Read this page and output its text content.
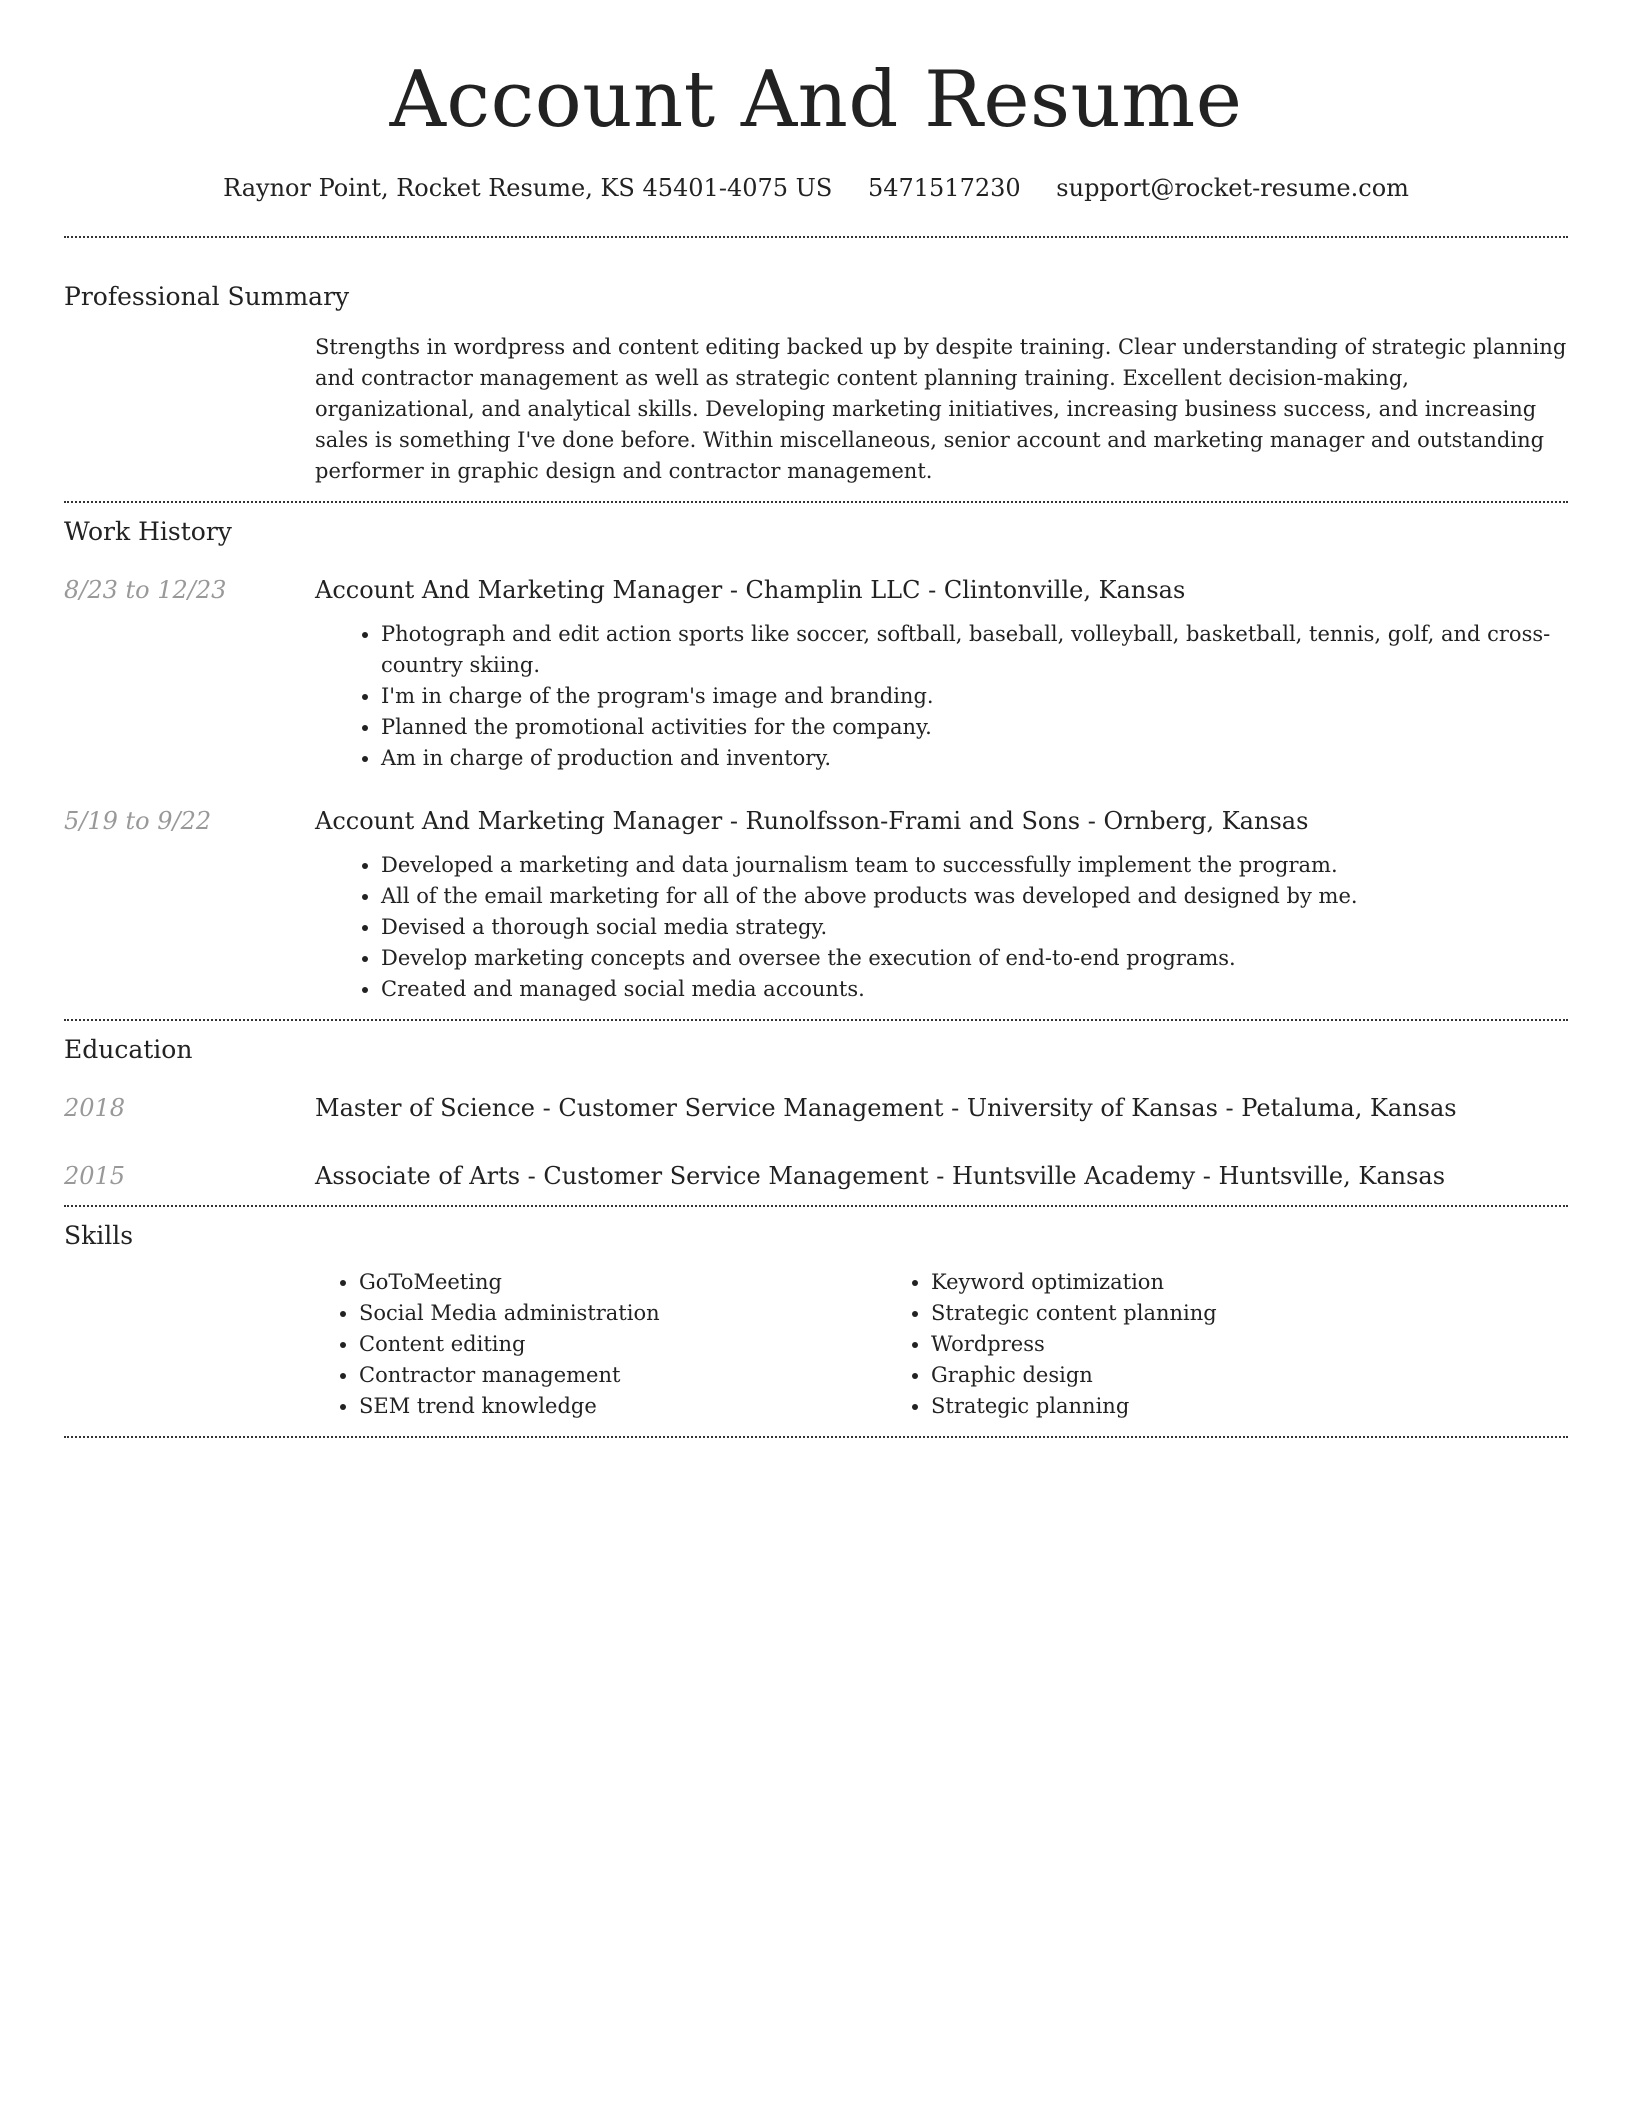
Account And Resume
Raynor Point, Rocket Resume, KS 45401-4075 US 5471517230 support@rocket-resume.com
Professional Summary
Strengths in wordpress and content editing backed up by despite training. Clear understanding of strategic planning and contractor management as well as strategic content planning training. Excellent decision-making, organizational, and analytical skills. Developing marketing initiatives, increasing business success, and increasing sales is something I've done before. Within miscellaneous, senior account and marketing manager and outstanding performer in graphic design and contractor management.
Work History
8/23 to 12/23	Account And Marketing Manager - Champlin LLC - Clintonville, Kansas
• Photograph and edit action sports like soccer, softball, baseball, volleyball, basketball, tennis, golf, and cross-country skiing.
• I'm in charge of the program's image and branding.
• Planned the promotional activities for the company.
• Am in charge of production and inventory.
5/19 to 9/22	Account And Marketing Manager - Runolfsson-Frami and Sons - Ornberg, Kansas
• Developed a marketing and data journalism team to successfully implement the program.
• All of the email marketing for all of the above products was developed and designed by me.
• Devised a thorough social media strategy.
• Develop marketing concepts and oversee the execution of end-to-end programs.
• Created and managed social media accounts.
Education
2018	Master of Science - Customer Service Management - University of Kansas - Petaluma, Kansas
2015	Associate of Arts - Customer Service Management - Huntsville Academy - Huntsville, Kansas
Skills
• GoToMeeting
• Social Media administration
• Content editing
• Contractor management
• SEM trend knowledge
• Keyword optimization
• Strategic content planning
• Wordpress
• Graphic design
• Strategic planning
